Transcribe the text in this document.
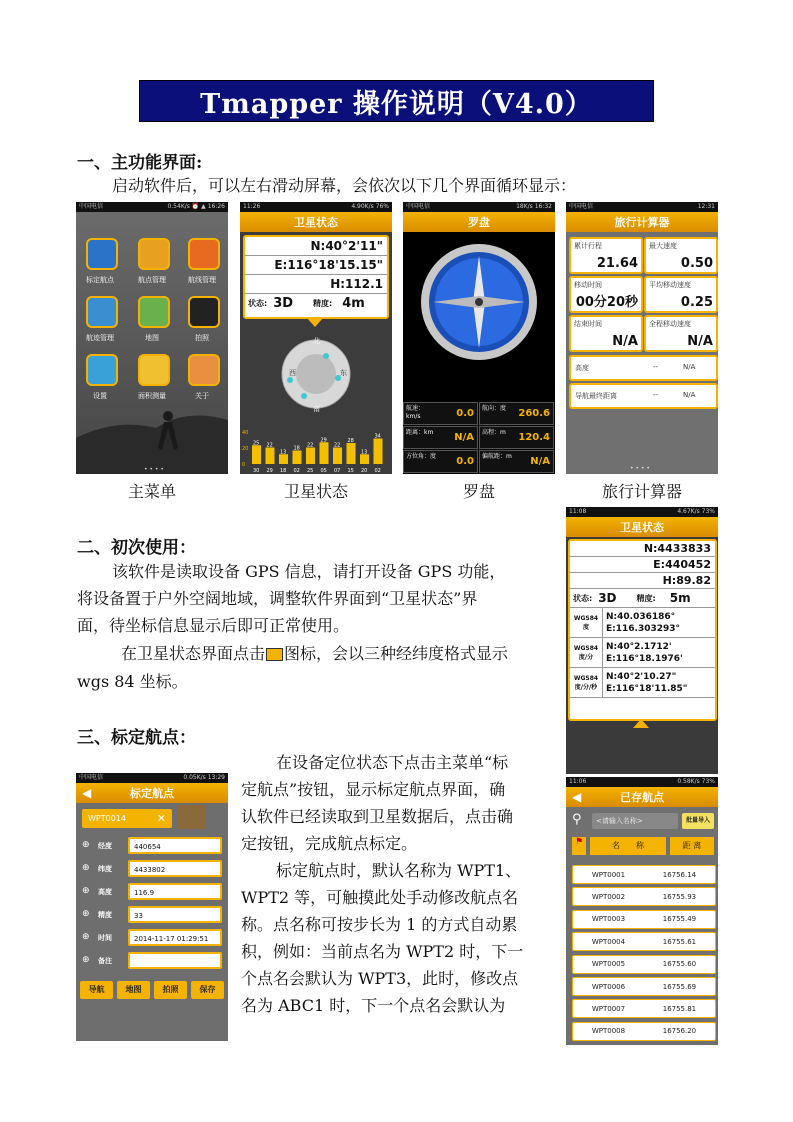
Tmapper 操作说明（V4.0）
一、主功能界面:
启动软件后，可以左右滑动屏幕，会依次以下几个界面循环显示：
中国电信	0.54K/s ⏰ ▲ 16:26
标定航点	航点管理	航线管理
航迹管理	地图	拍照
设置	面积测量	关于
• • • •
11:26	4.90K/s 76%
卫星状态
N:40°2'11"
E:116°18'15.15"
H:112.1
状态: 3D	精度: 4m
北
西	东
南
25
30
22
29
13
18
18
02
22
25
29
05
22
07
28
15
13
20
34
02
40
20
0
中国电信	18K/s 16:32
罗盘
航速：km/s	0.0 航向：度	260.6
距离：km	N/A 高程：m	120.4
方位角：度 0.0 偏航距：m N/A
中国电信	12:31
旅行计算器
累计行程
21.64
最大速度
0.50
移动时间
00分20秒
平均移动速度
0.25
结束时间
N/A
全程移动速度
N/A
高度	--	N/A
导航最终距离	--	N/A
• • • •
主菜单	卫星状态	罗盘	旅行计算器
二、初次使用：
该软件是读取设备 GPS 信息，请打开设备 GPS 功能，
将设备置于户外空阔地域，调整软件界面到“卫星状态”界
面，待坐标信息显示后即可正常使用。
在卫星状态界面点击 图标，会以三种经纬度格式显示
wgs 84 坐标。
11:08	4.67K/s 73%
卫星状态
N:4433833
E:440452
H:89.82
状态: 3D	精度: 5m
WGS84 度
N:40.036186°
E:116.303293°
WGS84 度/分
N:40°2.1712'
E:116°18.1976'
WGS84 度/分/秒
N:40°2'10.27"
E:116°18'11.85"
三、标定航点：
在设备定位状态下点击主菜单“标
定航点”按钮，显示标定航点界面，确
认软件已经读取到卫星数据后，点击确
定按钮，完成航点标定。
标定航点时，默认名称为 WPT1、
WPT2 等，可触摸此处手动修改航点名
称。点名称可按步长为 1 的方式自动累
积，例如：当前点名为 WPT2 时，下一
个点名会默认为 WPT3，此时，修改点
名为 ABC1 时，下一个点名会默认为
中国电信	0.05K/s 13:29
◀	标定航点
WPT0014	✕
⊕ 经度	440654
⊕ 纬度	4433802
⊕ 高度	116.9
⊕ 精度	33
⊕ 时间	2014-11-17 01:29:51
⊕ 备注
导航	地图	拍照	保存
11:06	0.58K/s 73%
◀	已存航点
⚲	<请输入名称>	批量导入
⚑	名　　称	距 离
WPT0001	16756.14
WPT0002	16755.93
WPT0003	16755.49
WPT0004	16755.61
WPT0005	16755.60
WPT0006	16755.69
WPT0007	16755.81
WPT0008	16756.20
